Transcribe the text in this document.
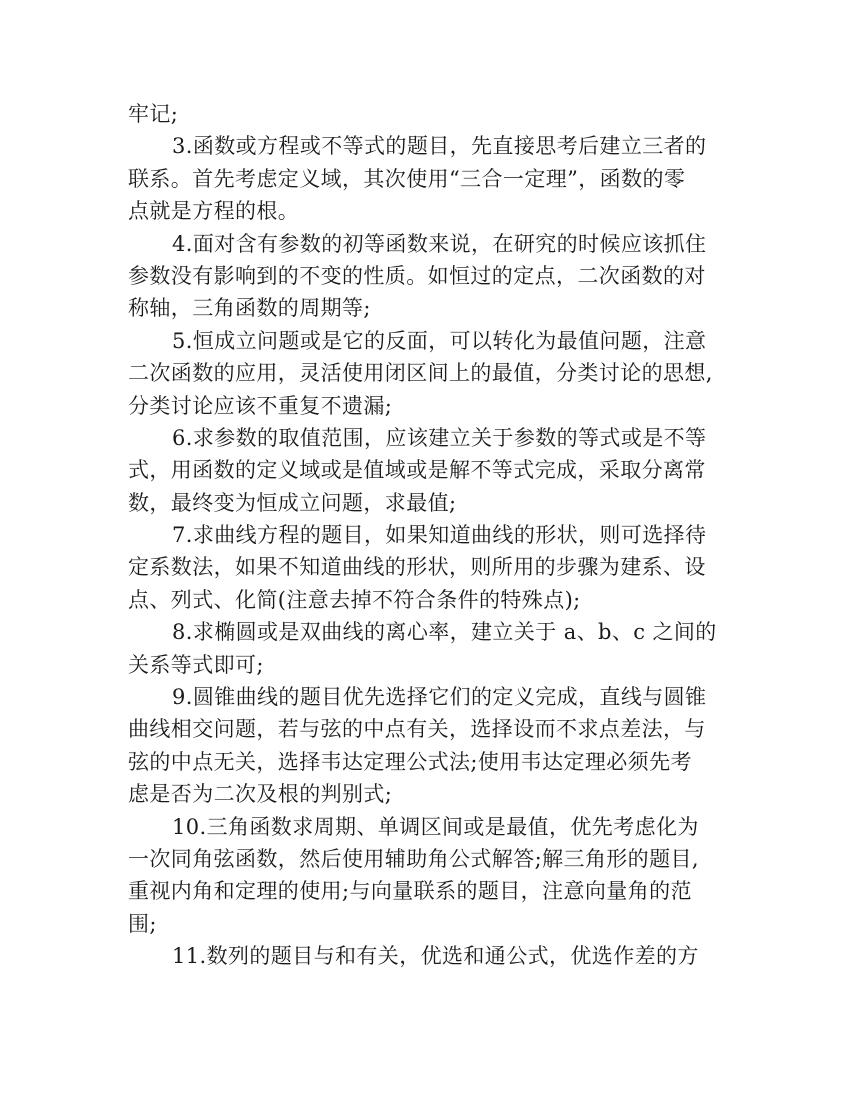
牢记;
3.函数或方程或不等式的题目，先直接思考后建立三者的
联系。首先考虑定义域，其次使用“三合一定理”，函数的零
点就是方程的根。
4.面对含有参数的初等函数来说，在研究的时候应该抓住
参数没有影响到的不变的性质。如恒过的定点，二次函数的对
称轴，三角函数的周期等;
5.恒成立问题或是它的反面，可以转化为最值问题，注意
二次函数的应用，灵活使用闭区间上的最值，分类讨论的思想,
分类讨论应该不重复不遗漏;
6.求参数的取值范围，应该建立关于参数的等式或是不等
式，用函数的定义域或是值域或是解不等式完成，采取分离常
数，最终变为恒成立问题，求最值;
7.求曲线方程的题目，如果知道曲线的形状，则可选择待
定系数法，如果不知道曲线的形状，则所用的步骤为建系、设
点、列式、化简(注意去掉不符合条件的特殊点);
8.求椭圆或是双曲线的离心率，建立关于 a、b、c 之间的
关系等式即可;
9.圆锥曲线的题目优先选择它们的定义完成，直线与圆锥
曲线相交问题，若与弦的中点有关，选择设而不求点差法，与
弦的中点无关，选择韦达定理公式法;使用韦达定理必须先考
虑是否为二次及根的判别式;
10.三角函数求周期、单调区间或是最值，优先考虑化为
一次同角弦函数，然后使用辅助角公式解答;解三角形的题目,
重视内角和定理的使用;与向量联系的题目，注意向量角的范
围;
11.数列的题目与和有关，优选和通公式，优选作差的方
